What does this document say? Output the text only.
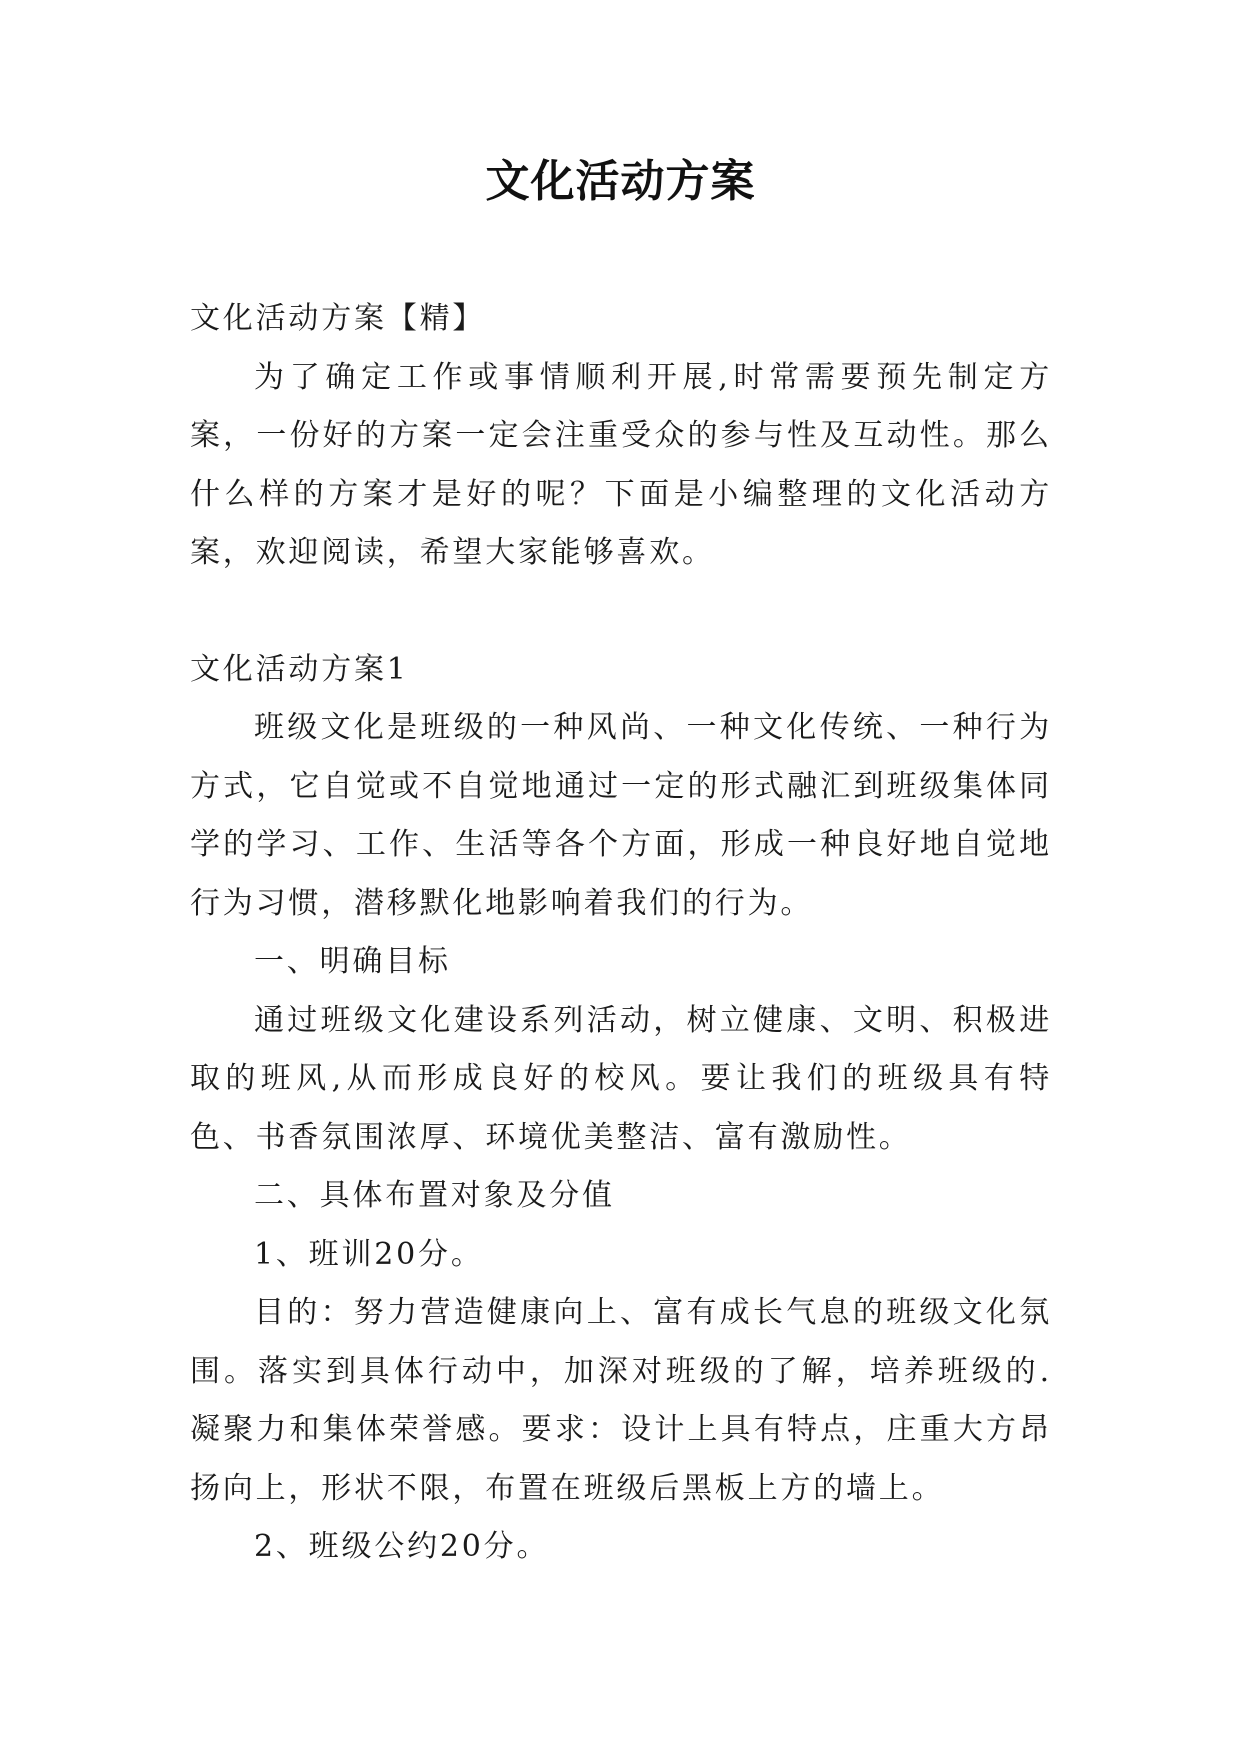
文化活动方案

文化活动方案【精】

为了确定工作或事情顺利开展,时常需要预先制定方案，一份好的方案一定会注重受众的参与性及互动性。那么什么样的方案才是好的呢？下面是小编整理的文化活动方案，欢迎阅读，希望大家能够喜欢。

文化活动方案1

班级文化是班级的一种风尚、一种文化传统、一种行为方式，它自觉或不自觉地通过一定的形式融汇到班级集体同学的学习、工作、生活等各个方面，形成一种良好地自觉地行为习惯，潜移默化地影响着我们的行为。

一、明确目标

通过班级文化建设系列活动，树立健康、文明、积极进取的班风,从而形成良好的校风。要让我们的班级具有特色、书香氛围浓厚、环境优美整洁、富有激励性。

二、具体布置对象及分值

1、班训20分。

目的：努力营造健康向上、富有成长气息的班级文化氛围。落实到具体行动中，加深对班级的了解，培养班级的.凝聚力和集体荣誉感。要求：设计上具有特点，庄重大方昂扬向上，形状不限，布置在班级后黑板上方的墙上。

2、班级公约20分。
